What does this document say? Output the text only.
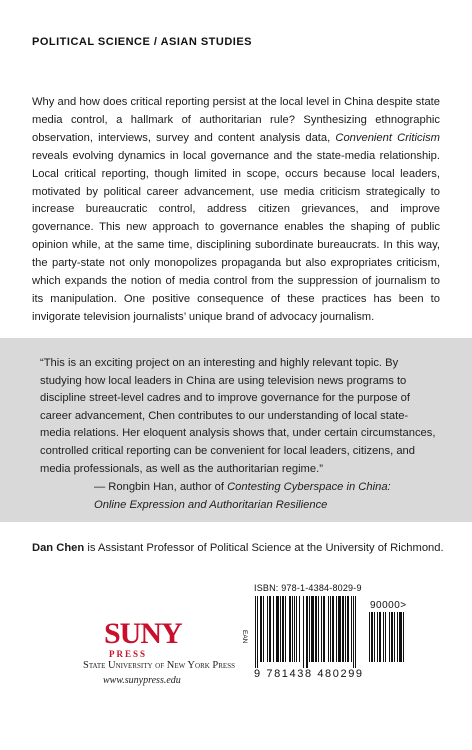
POLITICAL SCIENCE / ASIAN STUDIES
Why and how does critical reporting persist at the local level in China despite state media control, a hallmark of authoritarian rule? Synthesizing ethnographic observation, interviews, survey and content analysis data, Convenient Criticism reveals evolving dynamics in local governance and the state-media relationship. Local critical reporting, though limited in scope, occurs because local leaders, motivated by political career advancement, use media criticism strategically to increase bureaucratic control, address citizen grievances, and improve governance. This new approach to governance enables the shaping of public opinion while, at the same time, disciplining subordinate bureaucrats. In this way, the party-state not only monopolizes propaganda but also expropriates criticism, which expands the notion of media control from the suppression of journalism to its manipulation. One positive consequence of these practices has been to invigorate television journalists’ unique brand of advocacy journalism.
“This is an exciting project on an interesting and highly relevant topic. By studying how local leaders in China are using television news programs to discipline street-level cadres and to improve governance for the purpose of career advancement, Chen contributes to our understanding of local state-media relations. Her eloquent analysis shows that, under certain circumstances, controlled critical reporting can be convenient for local leaders, citizens, and media professionals, as well as the authoritarian regime.”
— Rongbin Han, author of Contesting Cyberspace in China:
Online Expression and Authoritarian Resilience
Dan Chen is Assistant Professor of Political Science at the University of Richmond.
SUNY
PRESS
State University of New York Press
www.sunypress.edu
ISBN: 978-1-4384-8029-9
EAN
90000>
9 781438 480299
